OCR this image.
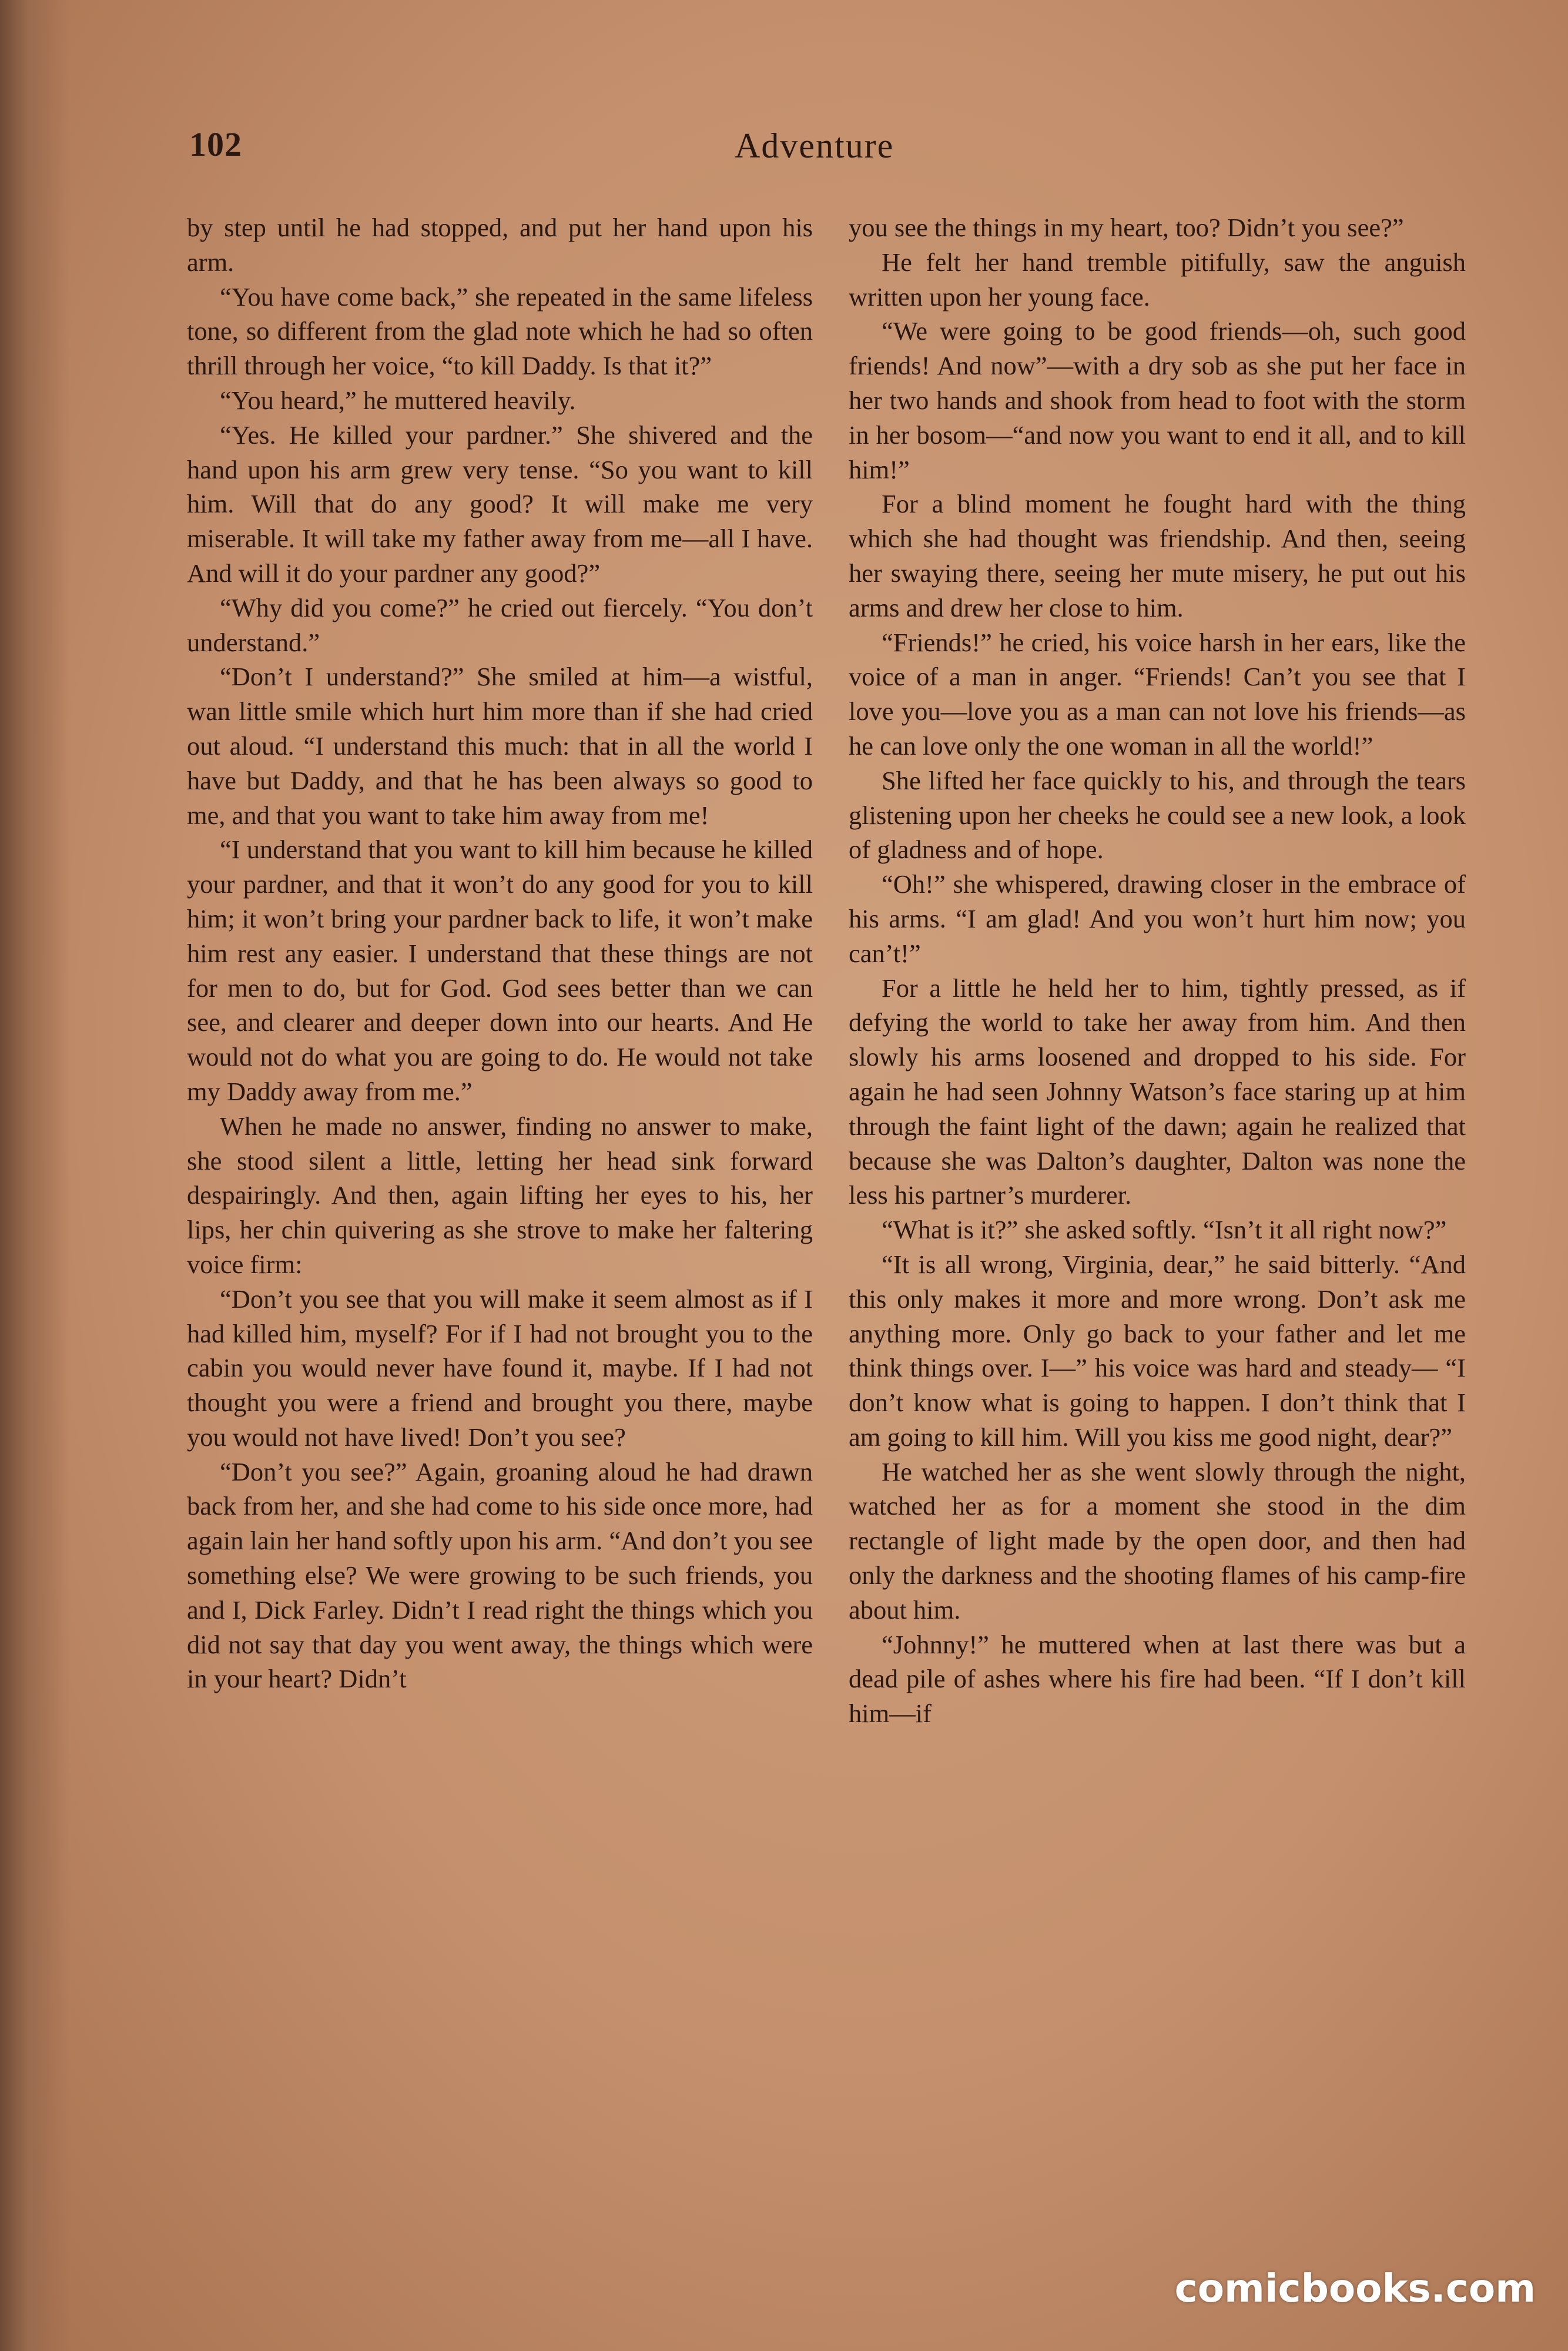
102	Adventure

by step until he had stopped, and put her hand upon his arm.

“You have come back,” she repeated in the same lifeless tone, so different from the glad note which he had so often thrill through her voice, “to kill Daddy. Is that it?”

“You heard,” he muttered heavily.

“Yes. He killed your pardner.” She shivered and the hand upon his arm grew very tense. “So you want to kill him. Will that do any good? It will make me very miserable. It will take my father away from me—all I have. And will it do your pardner any good?”

“Why did you come?” he cried out fiercely. “You don’t understand.”

“Don’t I understand?” She smiled at him—a wistful, wan little smile which hurt him more than if she had cried out aloud. “I understand this much: that in all the world I have but Daddy, and that he has been always so good to me, and that you want to take him away from me!

“I understand that you want to kill him because he killed your pardner, and that it won’t do any good for you to kill him; it won’t bring your pardner back to life, it won’t make him rest any easier. I understand that these things are not for men to do, but for God. God sees better than we can see, and clearer and deeper down into our hearts. And He would not do what you are going to do. He would not take my Daddy away from me.”

When he made no answer, finding no answer to make, she stood silent a little, letting her head sink forward despairingly. And then, again lifting her eyes to his, her lips, her chin quivering as she strove to make her faltering voice firm:

“Don’t you see that you will make it seem almost as if I had killed him, myself? For if I had not brought you to the cabin you would never have found it, maybe. If I had not thought you were a friend and brought you there, maybe you would not have lived! Don’t you see?

“Don’t you see?” Again, groaning aloud he had drawn back from her, and she had come to his side once more, had again lain her hand softly upon his arm. “And don’t you see something else? We were growing to be such friends, you and I, Dick Farley. Didn’t I read right the things which you did not say that day you went away, the things which were in your heart? Didn’t

you see the things in my heart, too? Didn’t you see?”

He felt her hand tremble pitifully, saw the anguish written upon her young face.

“We were going to be good friends—oh, such good friends! And now”—with a dry sob as she put her face in her two hands and shook from head to foot with the storm in her bosom—“and now you want to end it all, and to kill him!”

For a blind moment he fought hard with the thing which she had thought was friendship. And then, seeing her swaying there, seeing her mute misery, he put out his arms and drew her close to him.

“Friends!” he cried, his voice harsh in her ears, like the voice of a man in anger. “Friends! Can’t you see that I love you—love you as a man can not love his friends—as he can love only the one woman in all the world!”

She lifted her face quickly to his, and through the tears glistening upon her cheeks he could see a new look, a look of gladness and of hope.

“Oh!” she whispered, drawing closer in the embrace of his arms. “I am glad! And you won’t hurt him now; you can’t!”

For a little he held her to him, tightly pressed, as if defying the world to take her away from him. And then slowly his arms loosened and dropped to his side. For again he had seen Johnny Watson’s face staring up at him through the faint light of the dawn; again he realized that because she was Dalton’s daughter, Dalton was none the less his partner’s murderer.

“What is it?” she asked softly. “Isn’t it all right now?”

“It is all wrong, Virginia, dear,” he said bitterly. “And this only makes it more and more wrong. Don’t ask me anything more. Only go back to your father and let me think things over. I—” his voice was hard and steady— “I don’t know what is going to happen. I don’t think that I am going to kill him. Will you kiss me good night, dear?”

He watched her as she went slowly through the night, watched her as for a moment she stood in the dim rectangle of light made by the open door, and then had only the darkness and the shooting flames of his camp-fire about him.

“Johnny!” he muttered when at last there was but a dead pile of ashes where his fire had been. “If I don’t kill him—if

comicbooks.com
